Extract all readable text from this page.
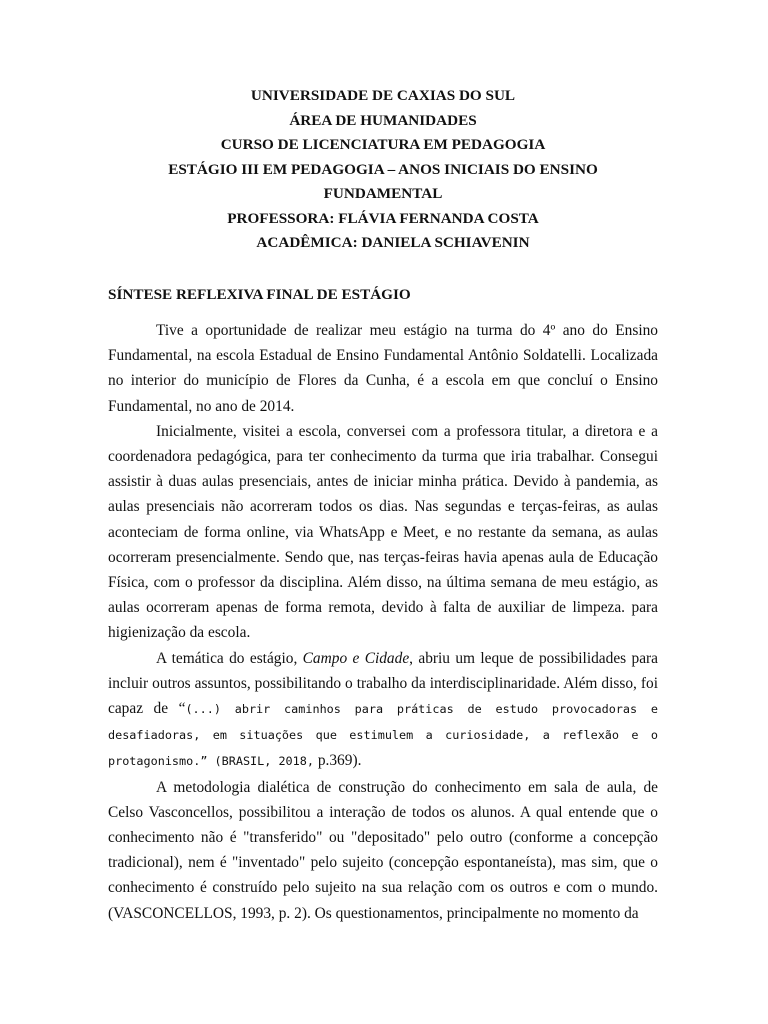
UNIVERSIDADE DE CAXIAS DO SUL
ÁREA DE HUMANIDADES
CURSO DE LICENCIATURA EM PEDAGOGIA
ESTÁGIO III EM PEDAGOGIA – ANOS INICIAIS DO ENSINO
FUNDAMENTAL
PROFESSORA: FLÁVIA FERNANDA COSTA
ACADÊMICA: DANIELA SCHIAVENIN
SÍNTESE REFLEXIVA FINAL DE ESTÁGIO

Tive a oportunidade de realizar meu estágio na turma do 4º ano do Ensino Fundamental, na escola Estadual de Ensino Fundamental Antônio Soldatelli. Localizada no interior do município de Flores da Cunha, é a escola em que concluí o Ensino Fundamental, no ano de 2014.

Inicialmente, visitei a escola, conversei com a professora titular, a diretora e a coordenadora pedagógica, para ter conhecimento da turma que iria trabalhar. Consegui assistir à duas aulas presenciais, antes de iniciar minha prática. Devido à pandemia, as aulas presenciais não acorreram todos os dias. Nas segundas e terças-feiras, as aulas aconteciam de forma online, via WhatsApp e Meet, e no restante da semana, as aulas ocorreram presencialmente. Sendo que, nas terças-feiras havia apenas aula de Educação Física, com o professor da disciplina. Além disso, na última semana de meu estágio, as aulas ocorreram apenas de forma remota, devido à falta de auxiliar de limpeza. para higienização da escola.

A temática do estágio, Campo e Cidade, abriu um leque de possibilidades para incluir outros assuntos, possibilitando o trabalho da interdisciplinaridade. Além disso, foi capaz de “(...) abrir caminhos para práticas de estudo provocadoras e desafiadoras, em situações que estimulem a curiosidade, a reflexão e o protagonismo.” (BRASIL, 2018, p.369).

A metodologia dialética de construção do conhecimento em sala de aula, de Celso Vasconcellos, possibilitou a interação de todos os alunos. A qual entende que o conhecimento não é "transferido" ou "depositado" pelo outro (conforme a concepção tradicional), nem é "inventado" pelo sujeito (concepção espontaneísta), mas sim, que o conhecimento é construído pelo sujeito na sua relação com os outros e com o mundo. (VASCONCELLOS, 1993, p. 2). Os questionamentos, principalmente no momento da
